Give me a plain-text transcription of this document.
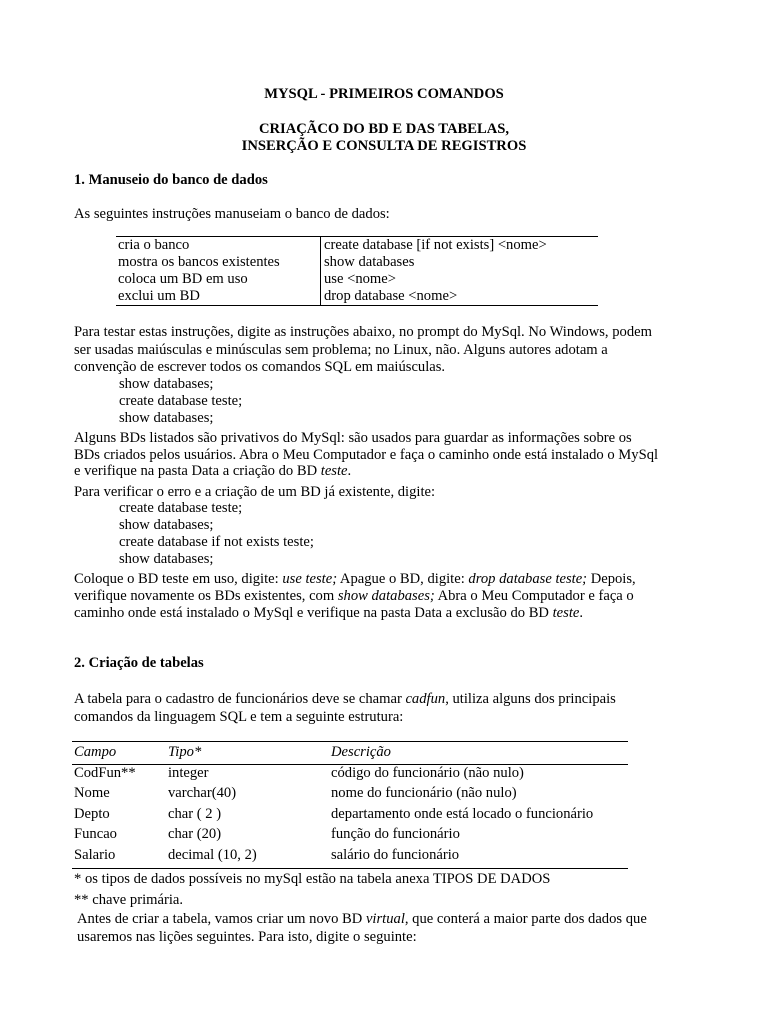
MYSQL - PRIMEIROS COMANDOS
CRIAÇÃCO DO BD E DAS TABELAS,
INSERÇÃO E CONSULTA DE REGISTROS
1. Manuseio do banco de dados
As seguintes instruções manuseiam o banco de dados:
cria o banco	create database [if not exists] <nome>
mostra os bancos existentes	show databases
coloca um BD em uso	use <nome>
exclui um BD	drop database <nome>
Para testar estas instruções, digite as instruções abaixo, no prompt do MySql. No Windows, podem
ser usadas maiúsculas e minúsculas sem problema; no Linux, não. Alguns autores adotam a
convenção de escrever todos os comandos SQL em maiúsculas.
show databases;
create database teste;
show databases;
Alguns BDs listados são privativos do MySql: são usados para guardar as informações sobre os
BDs criados pelos usuários. Abra o Meu Computador e faça o caminho onde está instalado o MySql
e verifique na pasta Data a criação do BD teste.
Para verificar o erro e a criação de um BD já existente, digite:
create database teste;
show databases;
create database if not exists teste;
show databases;
Coloque o BD teste em uso, digite: use teste; Apague o BD, digite: drop database teste; Depois,
verifique novamente os BDs existentes, com show databases; Abra o Meu Computador e faça o
caminho onde está instalado o MySql e verifique na pasta Data a exclusão do BD teste.
2. Criação de tabelas
A tabela para o cadastro de funcionários deve se chamar cadfun, utiliza alguns dos principais
comandos da linguagem SQL e tem a seguinte estrutura:
Campo	Tipo*	Descrição
CodFun**	integer	código do funcionário (não nulo)
Nome	varchar(40)	nome do funcionário (não nulo)
Depto	char ( 2 )	departamento onde está locado o funcionário
Funcao	char (20)	função do funcionário
Salario	decimal (10, 2)	salário do funcionário
* os tipos de dados possíveis no mySql estão na tabela anexa TIPOS DE DADOS
** chave primária.
Antes de criar a tabela, vamos criar um novo BD virtual, que conterá a maior parte dos dados que
usaremos nas lições seguintes. Para isto, digite o seguinte:
